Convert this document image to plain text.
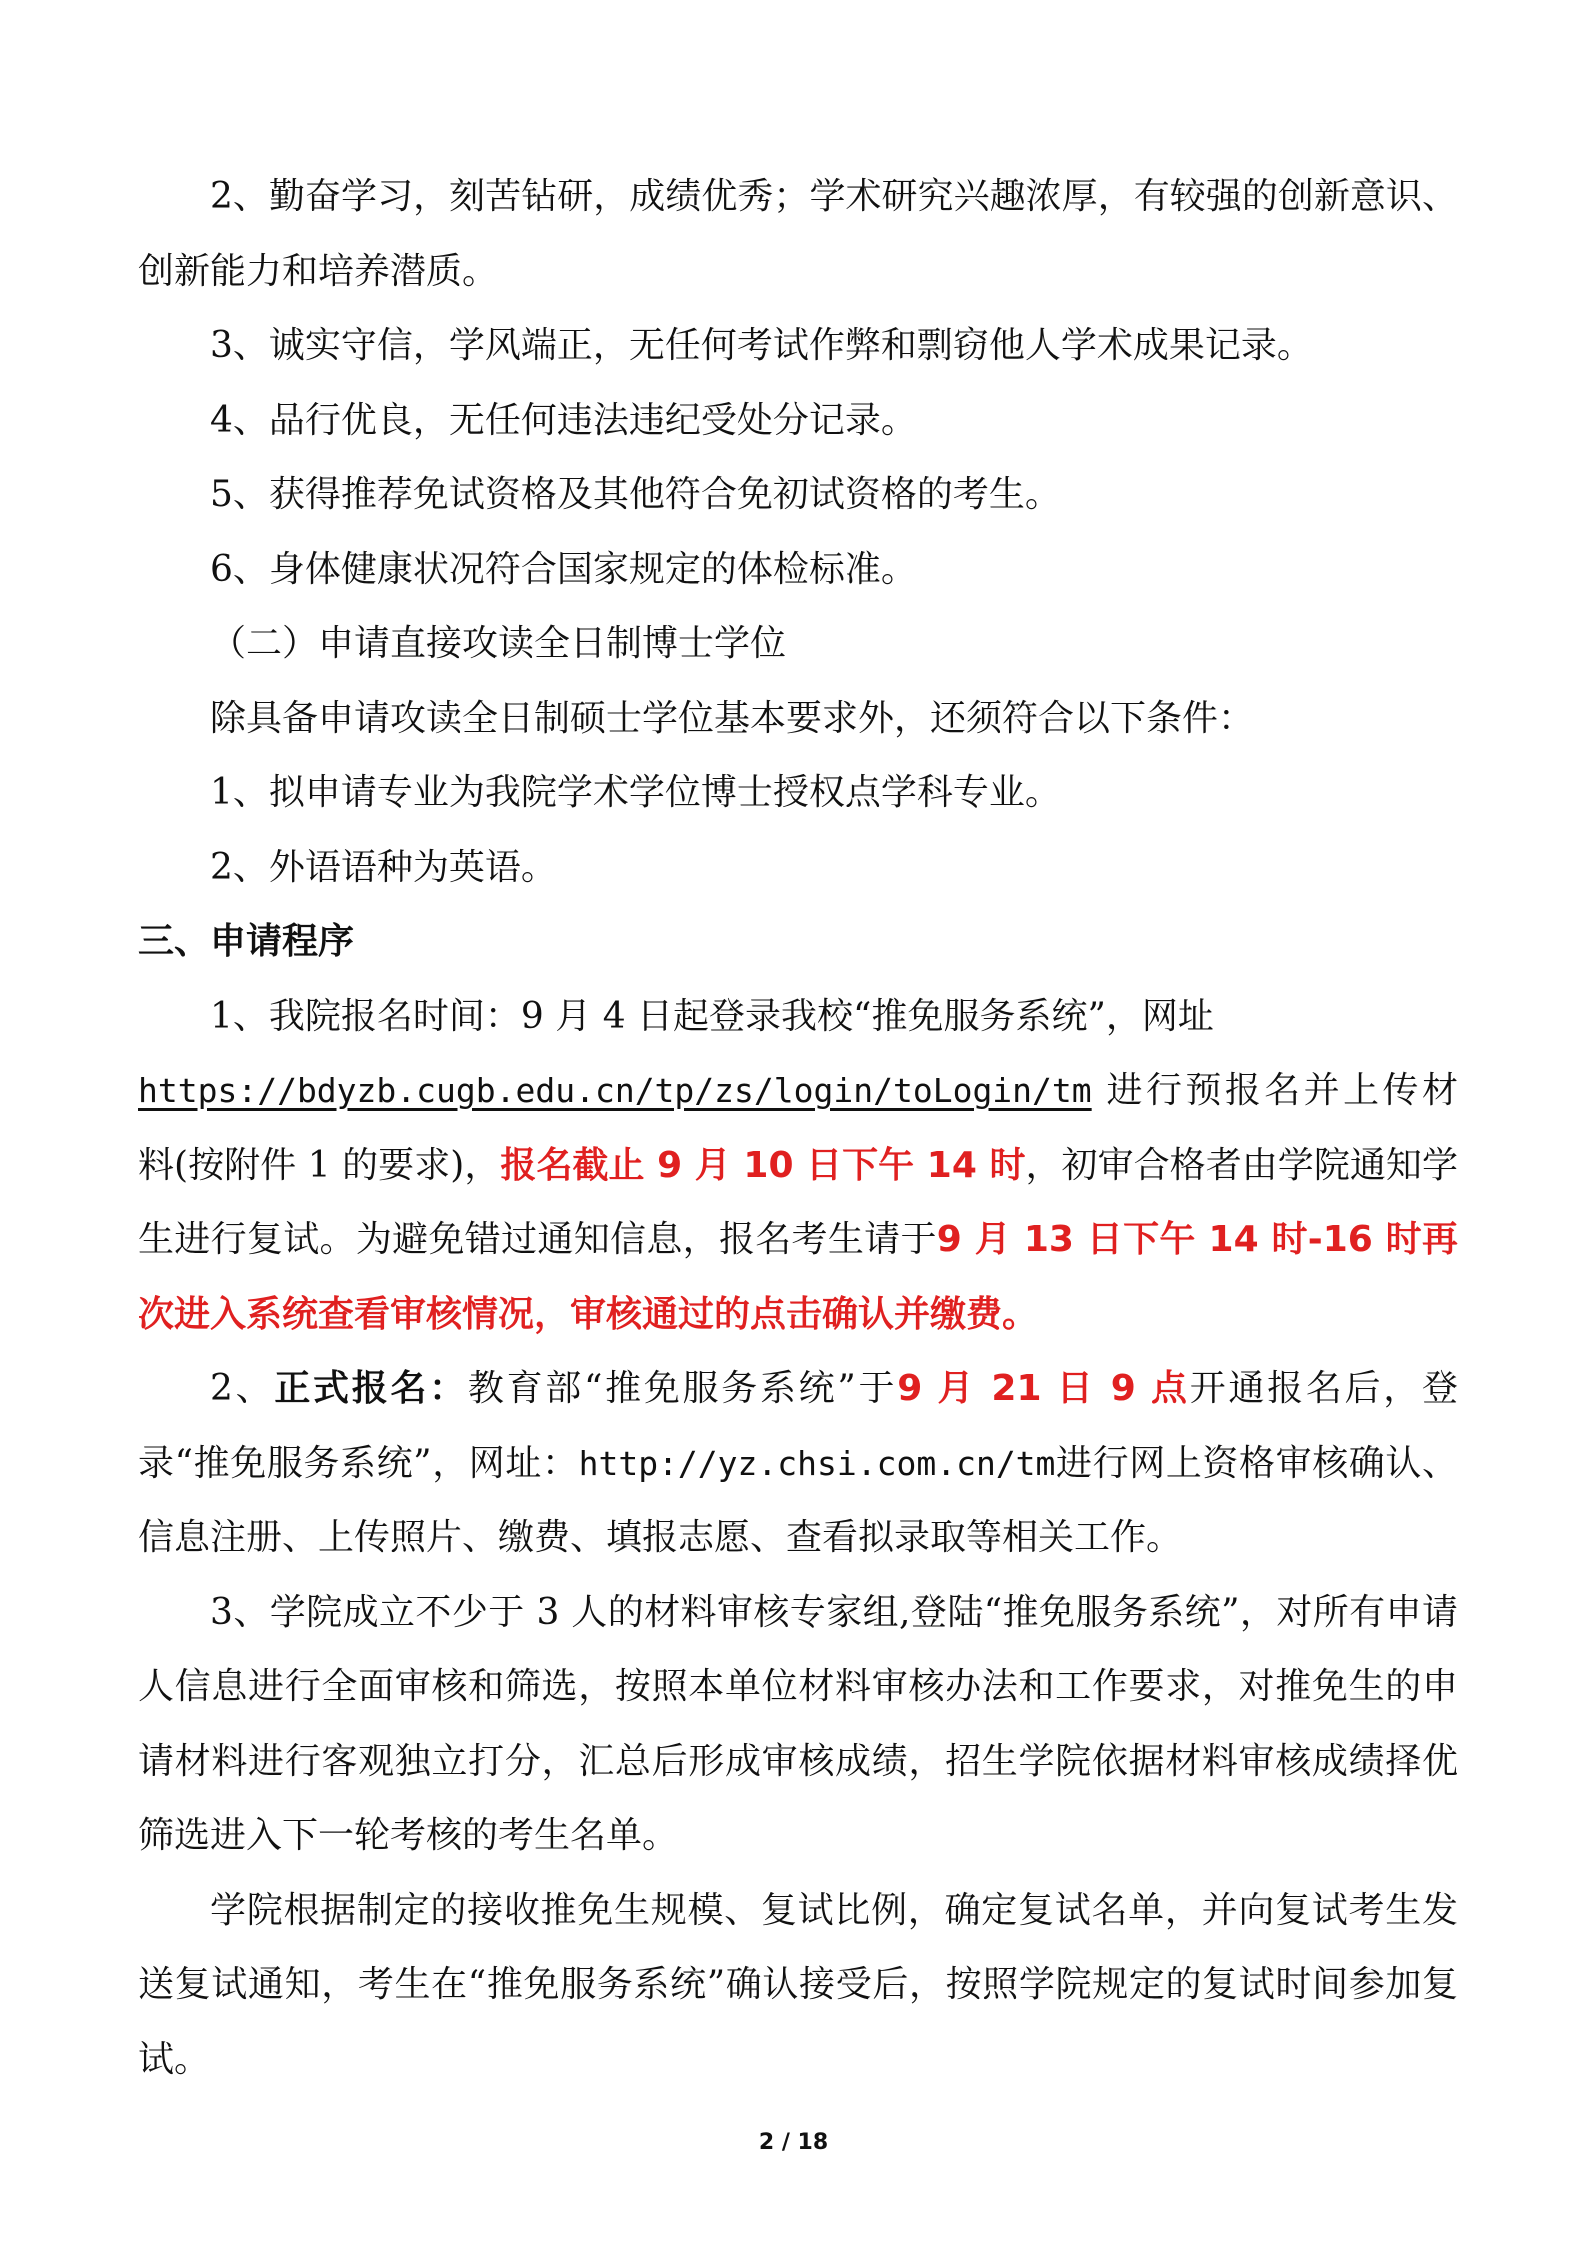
2、勤奋学习，刻苦钻研，成绩优秀；学术研究兴趣浓厚，有较强的创新意识、创新能力和培养潜质。

3、诚实守信，学风端正，无任何考试作弊和剽窃他人学术成果记录。

4、品行优良，无任何违法违纪受处分记录。

5、获得推荐免试资格及其他符合免初试资格的考生。

6、身体健康状况符合国家规定的体检标准。

（二）申请直接攻读全日制博士学位

除具备申请攻读全日制硕士学位基本要求外，还须符合以下条件：

1、拟申请专业为我院学术学位博士授权点学科专业。

2、外语语种为英语。

三、申请程序

1、我院报名时间：9 月 4 日起登录我校“推免服务系统”，网址
https://bdyzb.cugb.edu.cn/tp/zs/login/toLogin/tm 进行预报名并上传材料(按附件 1 的要求)，报名截止 9 月 10 日下午 14 时，初审合格者由学院通知学生进行复试。为避免错过通知信息，报名考生请于9 月 13 日下午 14 时-16 时再次进入系统查看审核情况，审核通过的点击确认并缴费。

2、正式报名：教育部“推免服务系统”于9 月 21 日 9 点开通报名后，登录“推免服务系统”，网址：http://yz.chsi.com.cn/tm进行网上资格审核确认、信息注册、上传照片、缴费、填报志愿、查看拟录取等相关工作。

3、学院成立不少于 3 人的材料审核专家组,登陆“推免服务系统”，对所有申请人信息进行全面审核和筛选，按照本单位材料审核办法和工作要求，对推免生的申请材料进行客观独立打分，汇总后形成审核成绩，招生学院依据材料审核成绩择优筛选进入下一轮考核的考生名单。

学院根据制定的接收推免生规模、复试比例，确定复试名单，并向复试考生发送复试通知，考生在“推免服务系统”确认接受后，按照学院规定的复试时间参加复试。

2 / 18
